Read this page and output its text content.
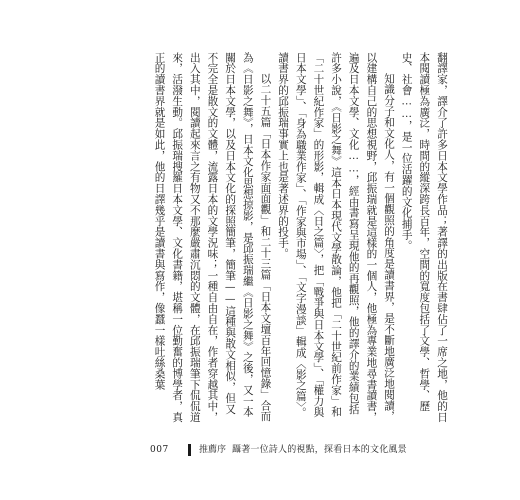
翻譯家，譯介了許多日本文學作品；著譯的出版在書肆佔了一席之地，他的日本閱讀極為廣泛，時間的縱深跨長百年，空間的寬度包括了文學、哲學、歷史、社會……，是一位活躍的文化捕手。

知識分子和文化人，有一個觀照的角度是讀書界，是不斷地廣泛地閱讀，以建構自己的思想視野，邱振瑞就是這樣的一個人，他極為專業地尋書讀書，遍及日本文學、文化……，經由書寫呈現他的再觀照，他的譯介的業績包括許多小說，《日影之舞》這本日本現代文學散論，他把「二十世紀前作家」和「二十世紀作家」的形影，輯成〈日之篇〉，把「戰爭與日本文學」、「權力與日本文學」、「身為職業作家」、「作家與市場」、「文字漫談」輯成〈影之篇〉。讀書界的邱振瑞事實上也是著述界的投手。

以二十五篇「日本作家面面觀」和二十三篇「日本文壇百年回憶錄」合而為《日影之舞》，日本文化思想掠影，是邱振瑞繼《日影之舞》之後，又一本關於日本文學，以及日本文化的探照簡筆，簡筆——這種與散文相似，但又不完全是散文的文體，流露日本的文學況味；一種自由自在，作者穿越其中，出入其中，閱讀起來言之有物又不那麼嚴肅沉悶的文體，在邱振瑞筆下侃侃道來，活潑生動。邱振瑞搜羅日本文學、文化書籍，堪稱一位勤奮的博學者，真正的讀書界就是如此，他的日譯幾乎是讀書與寫作，像蠶一樣吐絲桑葉

007	推薦序 躡著一位詩人的視點，探看日本的文化風景
